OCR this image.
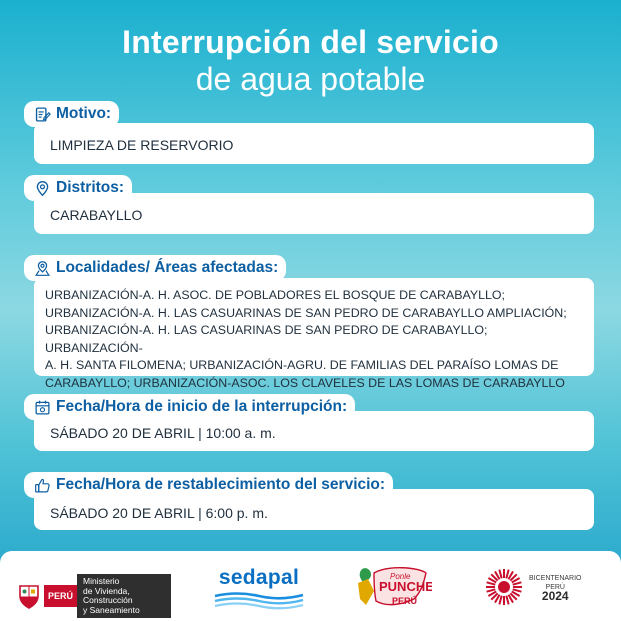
Interrupción del servicio
de agua potable
LIMPIEZA DE RESERVORIO
Motivo:
CARABAYLLO
Distritos:
URBANIZACIÓN-A. H. ASOC. DE POBLADORES EL BOSQUE DE CARABAYLLO;
URBANIZACIÓN-A. H. LAS CASUARINAS DE SAN PEDRO DE CARABAYLLO AMPLIACIÓN;
URBANIZACIÓN-A. H. LAS CASUARINAS DE SAN PEDRO DE CARABAYLLO; URBANIZACIÓN-
A. H. SANTA FILOMENA; URBANIZACIÓN-AGRU. DE FAMILIAS DEL PARAÍSO LOMAS DE
CARABAYLLO; URBANIZACIÓN-ASOC. LOS CLAVELES DE LAS LOMAS DE CARABAYLLO
Localidades/ Áreas afectadas:
SÁBADO 20 DE ABRIL | 10:00 a. m.
Fecha/Hora de inicio de la interrupción:
SÁBADO 20 DE ABRIL | 6:00 p. m.
Fecha/Hora de restablecimiento del servicio:
PERÚ
Ministerio
de Vivienda, Construcción
y Saneamiento
sedapal	Ponle
PUNCHE
PERÚ
BICENTENARIO
PERÚ
2024
